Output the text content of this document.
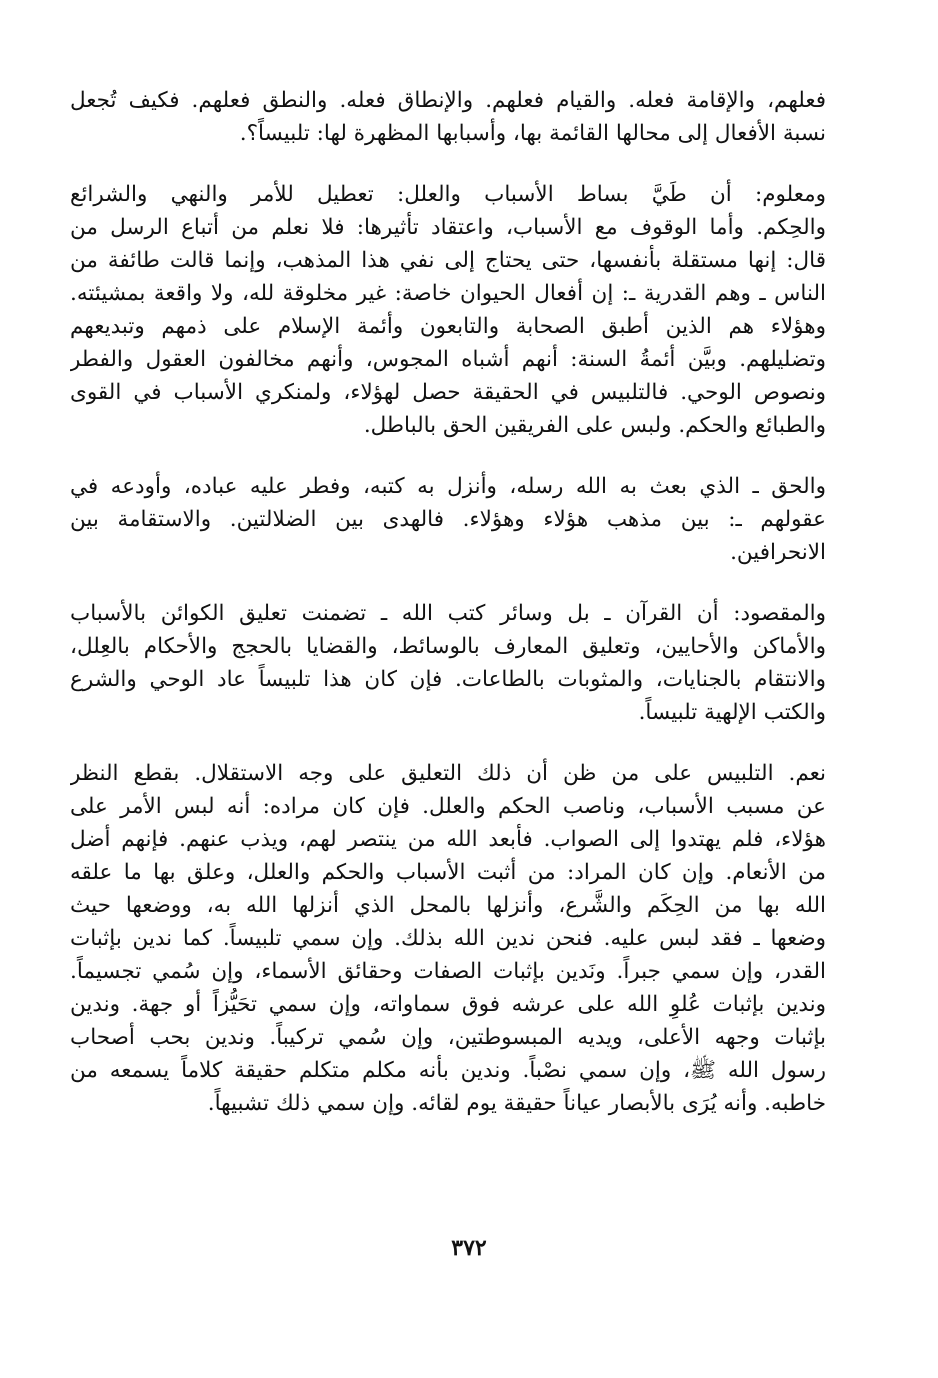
فعلهم، والإقامة فعله. والقيام فعلهم. والإنطاق فعله. والنطق فعلهم. فكيف تُجعل
نسبة الأفعال إلى محالها القائمة بها، وأسبابها المظهرة لها: تلبيساً؟.
ومعلوم: أن طَيَّ بساط الأسباب والعلل: تعطيل للأمر والنهي والشرائع
والحِكم. وأما الوقوف مع الأسباب، واعتقاد تأثيرها: فلا نعلم من أتباع الرسل من
قال: إنها مستقلة بأنفسها، حتى يحتاج إلى نفي هذا المذهب، وإنما قالت طائفة من
الناس ـ وهم القدرية ـ: إن أفعال الحيوان خاصة: غير مخلوقة لله، ولا واقعة بمشيئته.
وهؤلاء هم الذين أطبق الصحابة والتابعون وأئمة الإسلام على ذمهم وتبديعهم
وتضليلهم. وبيَّن أئمةُ السنة: أنهم أشباه المجوس، وأنهم مخالفون العقول والفطر
ونصوص الوحي. فالتلبيس في الحقيقة حصل لهؤلاء، ولمنكري الأسباب في القوى
والطبائع والحكم. ولبس على الفريقين الحق بالباطل.
والحق ـ الذي بعث به الله رسله، وأنزل به كتبه، وفطر عليه عباده، وأودعه في
عقولهم ـ: بين مذهب هؤلاء وهؤلاء. فالهدى بين الضلالتين. والاستقامة بين
الانحرافين.
والمقصود: أن القرآن ـ بل وسائر كتب الله ـ تضمنت تعليق الكوائن بالأسباب
والأماكن والأحايين، وتعليق المعارف بالوسائط، والقضايا بالحجج والأحكام بالعِلل،
والانتقام بالجنايات، والمثوبات بالطاعات. فإن كان هذا تلبيساً عاد الوحي والشرع
والكتب الإلهية تلبيساً.
نعم. التلبيس على من ظن أن ذلك التعليق على وجه الاستقلال. بقطع النظر
عن مسبب الأسباب، وناصب الحكم والعلل. فإن كان مراده: أنه لبس الأمر على
هؤلاء، فلم يهتدوا إلى الصواب. فأبعد الله من ينتصر لهم، ويذب عنهم. فإنهم أضل
من الأنعام. وإن كان المراد: من أثبت الأسباب والحكم والعلل، وعلق بها ما علقه
الله بها من الحِكَم والشَّرع، وأنزلها بالمحل الذي أنزلها الله به، ووضعها حيث
وضعها ـ فقد لبس عليه. فنحن ندين الله بذلك. وإن سمي تلبيساً. كما ندين بإثبات
القدر، وإن سمي جبراً. ونَدين بإثبات الصفات وحقائق الأسماء، وإن سُمي تجسيماً.
وندين بإثبات عُلوِ الله على عرشه فوق سماواته، وإن سمي تحَيُّزاً أو جهة. وندين
بإثبات وجهه الأعلى، ويديه المبسوطتين، وإن سُمي تركيباً. وندين بحب أصحاب
رسول الله ﷺ، وإن سمي نصْباً. وندين بأنه مكلم متكلم حقيقة كلاماً يسمعه من
خاطبه. وأنه يُرَى بالأبصار عياناً حقيقة يوم لقائه. وإن سمي ذلك تشبيهاً.
٣٧٢
